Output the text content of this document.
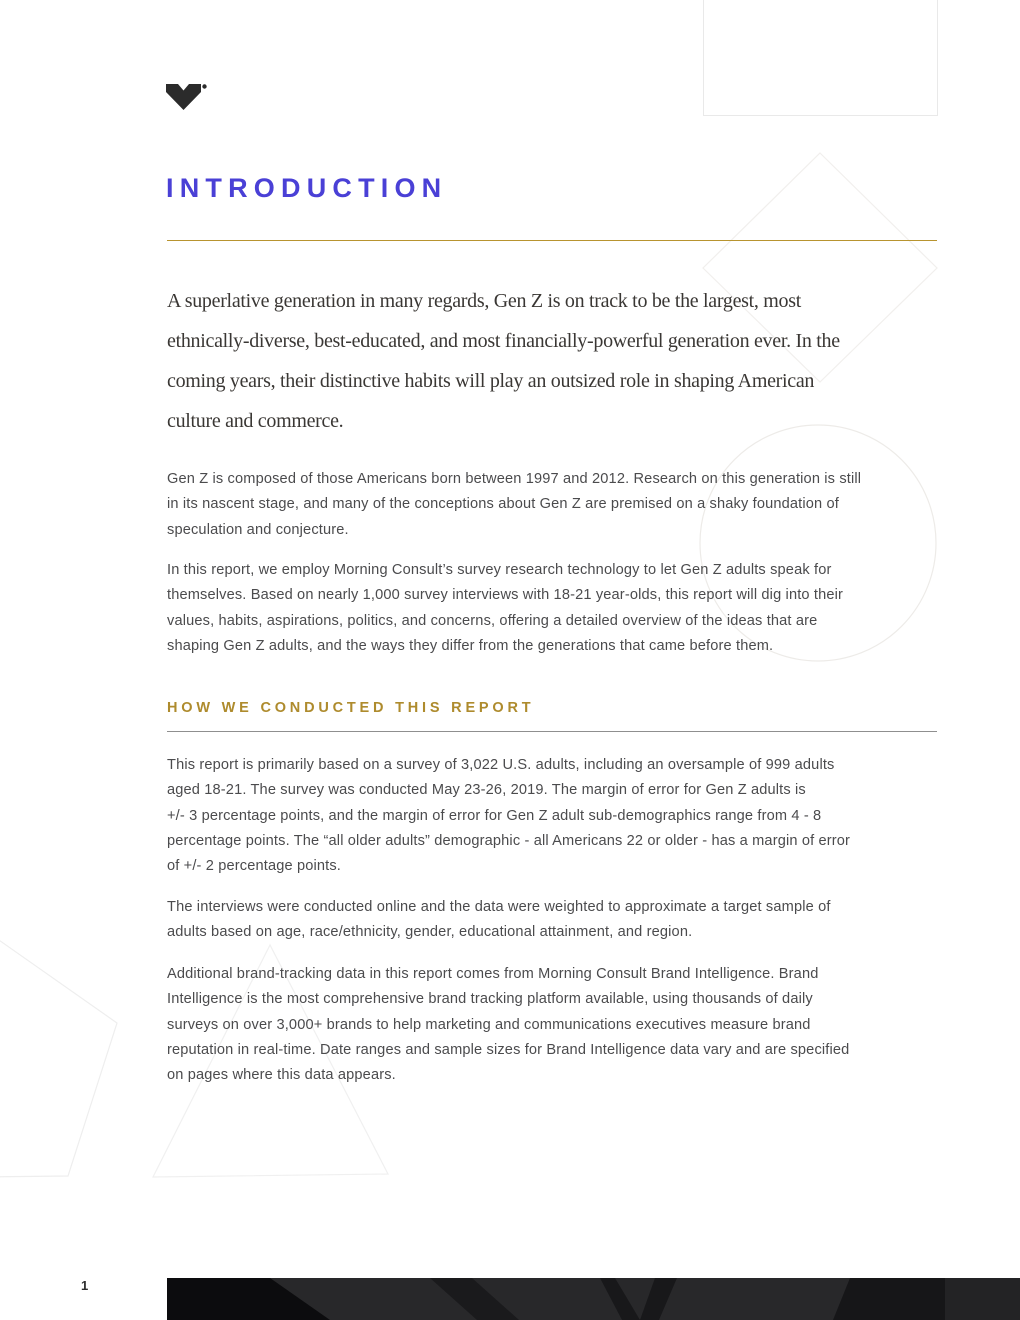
INTRODUCTION
A superlative generation in many regards, Gen Z is on track to be the largest, most
ethnically-diverse, best-educated, and most financially-powerful generation ever. In the
coming years, their distinctive habits will play an outsized role in shaping American
culture and commerce.
Gen Z is composed of those Americans born between 1997 and 2012. Research on this generation is still
in its nascent stage, and many of the conceptions about Gen Z are premised on a shaky foundation of
speculation and conjecture.
In this report, we employ Morning Consult’s survey research technology to let Gen Z adults speak for
themselves. Based on nearly 1,000 survey interviews with 18-21 year-olds, this report will dig into their
values, habits, aspirations, politics, and concerns, offering a detailed overview of the ideas that are
shaping Gen Z adults, and the ways they differ from the generations that came before them.
HOW WE CONDUCTED THIS REPORT
This report is primarily based on a survey of 3,022 U.S. adults, including an oversample of 999 adults
aged 18-21. The survey was conducted May 23-26, 2019. The margin of error for Gen Z adults is
+/- 3 percentage points, and the margin of error for Gen Z adult sub-demographics range from 4 - 8
percentage points. The “all older adults” demographic - all Americans 22 or older - has a margin of error
of +/- 2 percentage points.
The interviews were conducted online and the data were weighted to approximate a target sample of
adults based on age, race/ethnicity, gender, educational attainment, and region.
Additional brand-tracking data in this report comes from Morning Consult Brand Intelligence. Brand
Intelligence is the most comprehensive brand tracking platform available, using thousands of daily
surveys on over 3,000+ brands to help marketing and communications executives measure brand
reputation in real-time. Date ranges and sample sizes for Brand Intelligence data vary and are specified
on pages where this data appears.
1
